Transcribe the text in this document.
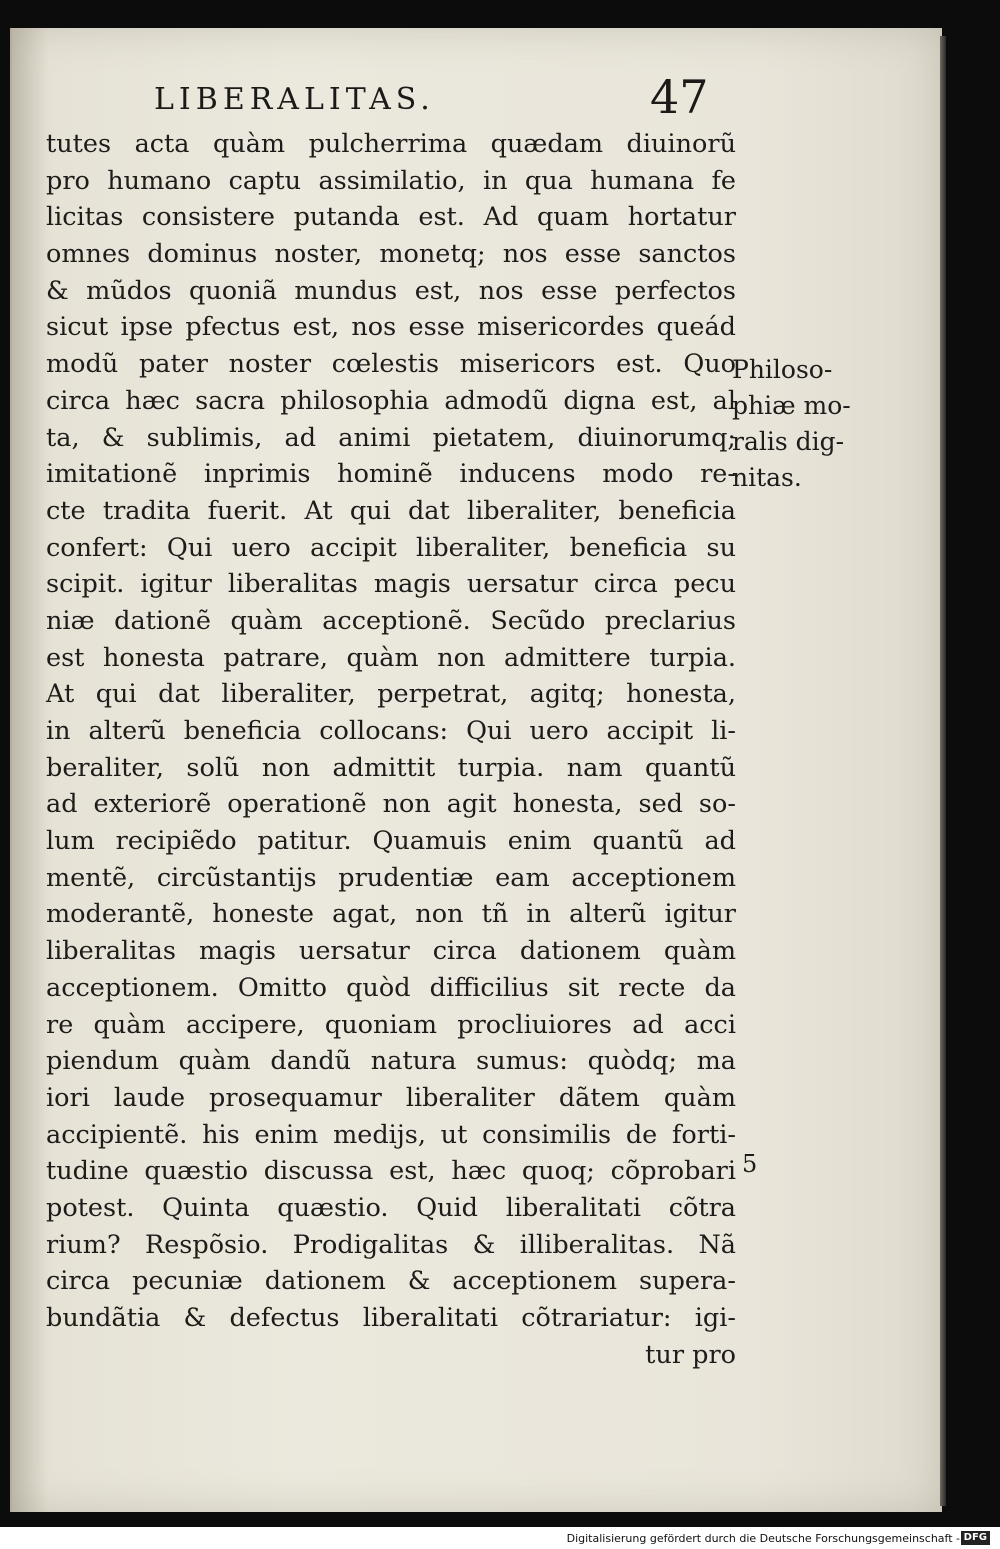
LIBERALITAS.	47
tutes acta quàm pulcherrima quædam diuinorũ
pro humano captu assimilatio, in qua humana fe
licitas consistere putanda est. Ad quam hortatur
omnes dominus noster, monetq; nos esse sanctos
& mũdos quoniã mundus est, nos esse perfectos
sicut ipse pfectus est, nos esse misericordes queád
modũ pater noster cœlestis misericors est. Quo
circa hæc sacra philosophia admodũ digna est, al
ta, & sublimis, ad animi pietatem, diuinorumq;
imitationẽ inprimis hominẽ inducens modo re-
cte tradita fuerit. At qui dat liberaliter, beneficia
confert: Qui uero accipit liberaliter, beneficia su
scipit. igitur liberalitas magis uersatur circa pecu
niæ dationẽ quàm acceptionẽ. Secũdo preclarius
est honesta patrare, quàm non admittere turpia.
At qui dat liberaliter, perpetrat, agitq; honesta,
in alterũ beneficia collocans: Qui uero accipit li-
beraliter, solũ non admittit turpia. nam quantũ
ad exteriorẽ operationẽ non agit honesta, sed so-
lum recipiẽdo patitur. Quamuis enim quantũ ad
mentẽ, circũstantijs prudentiæ eam acceptionem
moderantẽ, honeste agat, non tñ in alterũ igitur
liberalitas magis uersatur circa dationem quàm
acceptionem. Omitto quòd difficilius sit recte da
re quàm accipere, quoniam procliuiores ad acci
piendum quàm dandũ natura sumus: quòdq; ma
iori laude prosequamur liberaliter dãtem quàm
accipientẽ. his enim medijs, ut consimilis de forti-
tudine quæstio discussa est, hæc quoq; cõprobari
potest. Quinta quæstio. Quid liberalitati cõtra
rium? Respõsio. Prodigalitas & illiberalitas. Nã
circa pecuniæ dationem & acceptionem supera-
bundãtia & defectus liberalitati cõtrariatur: igi-
tur pro
Philoso-
phiæ mo-
ralis dig-
nitas.
5
Digitalisierung gefördert durch die Deutsche Forschungsgemeinschaft - DFG
